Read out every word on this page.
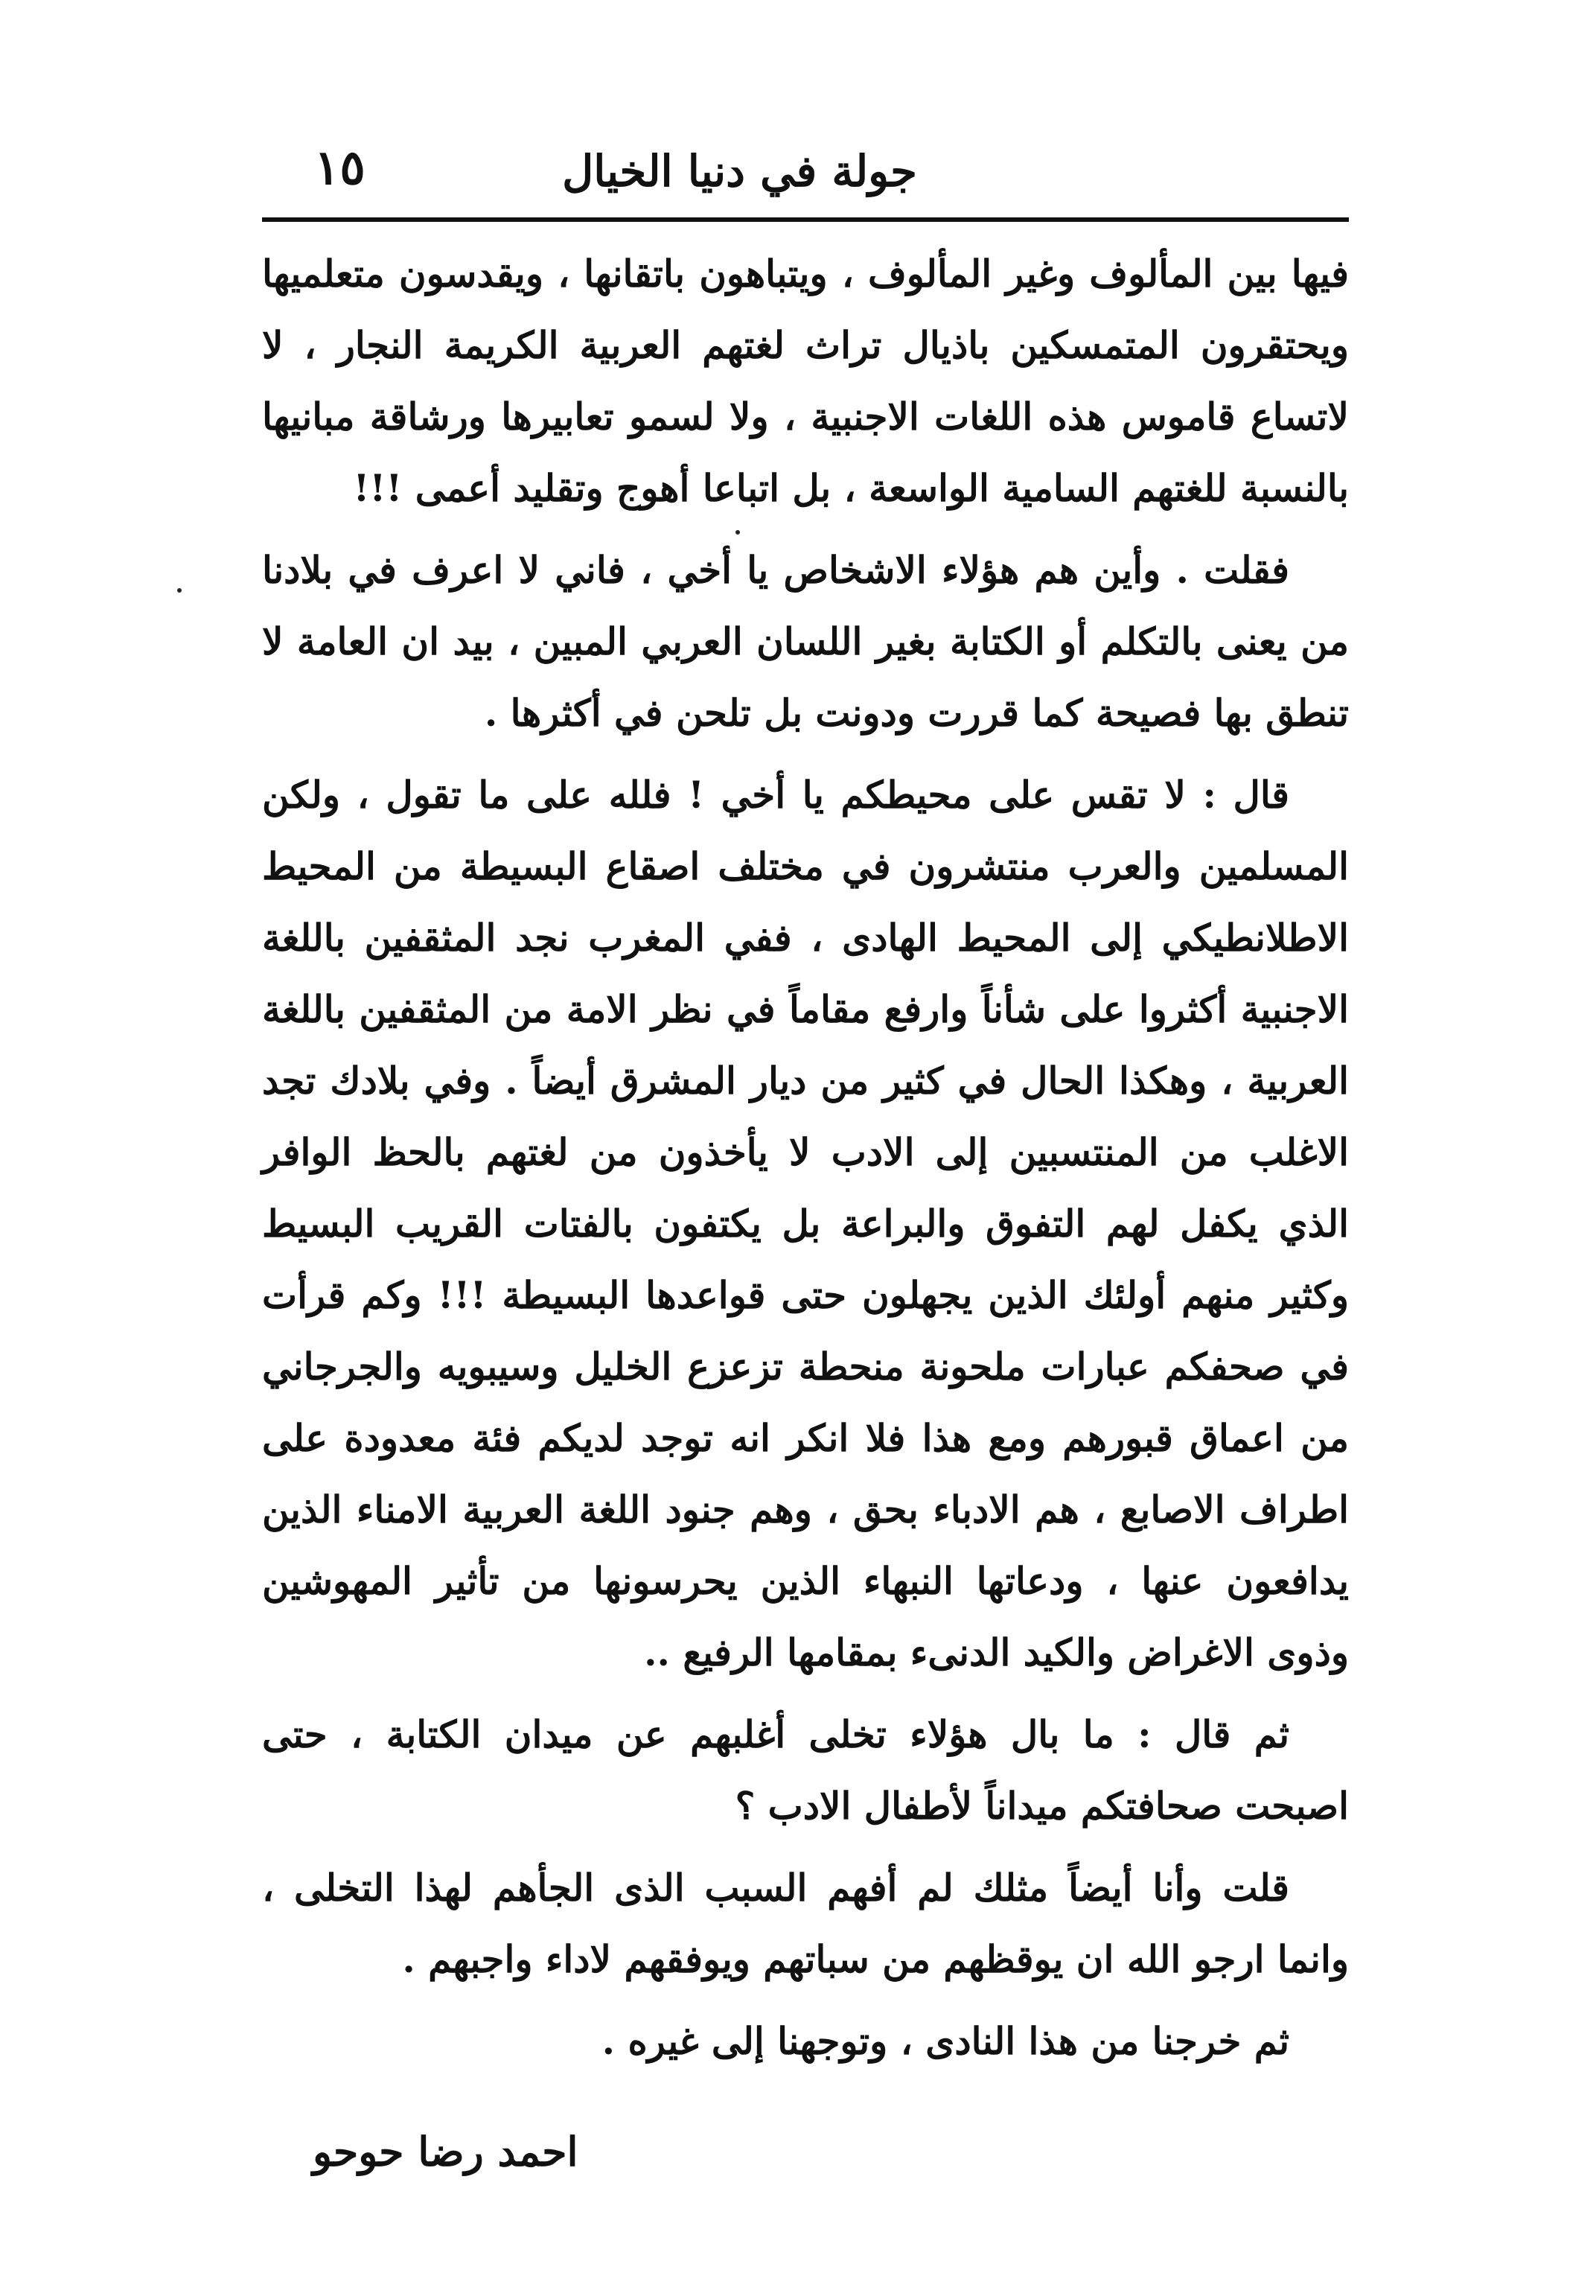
جولة في دنيا الخيال
١٥

فيها بين المألوف وغير المألوف ، ويتباهون باتقانها ، ويقدسون متعلميها ويحتقرون المتمسكين باذيال تراث لغتهم العربية الكريمة النجار ، لا لاتساع قاموس هذه اللغات الاجنبية ، ولا لسمو تعابيرها ورشاقة مبانيها بالنسبة للغتهم السامية الواسعة ، بل اتباعا أهوج وتقليد أعمى !!!

فقلت . وأين هم هؤلاء الاشخاص يا أخي ، فاني لا اعرف في بلادنا من يعنى بالتكلم أو الكتابة بغير اللسان العربي المبين ، بيد ان العامة لا تنطق بها فصيحة كما قررت ودونت بل تلحن في أكثرها .

قال : لا تقس على محيطكم يا أخي ! فلله على ما تقول ، ولكن المسلمين والعرب منتشرون في مختلف اصقاع البسيطة من المحيط الاطلانطيكي إلى المحيط الهادى ، ففي المغرب نجد المثقفين باللغة الاجنبية أكثروا على شأناً وارفع مقاماً في نظر الامة من المثقفين باللغة العربية ، وهكذا الحال في كثير من ديار المشرق أيضاً . وفي بلادك تجد الاغلب من المنتسبين إلى الادب لا يأخذون من لغتهم بالحظ الوافر الذي يكفل لهم التفوق والبراعة بل يكتفون بالفتات القريب البسيط وكثير منهم أولئك الذين يجهلون حتى قواعدها البسيطة !!! وكم قرأت في صحفكم عبارات ملحونة منحطة تزعزع الخليل وسيبويه والجرجاني من اعماق قبورهم ومع هذا فلا انكر انه توجد لديكم فئة معدودة على اطراف الاصابع ، هم الادباء بحق ، وهم جنود اللغة العربية الامناء الذين يدافعون عنها ، ودعاتها النبهاء الذين يحرسونها من تأثير المهوشين وذوى الاغراض والكيد الدنىء بمقامها الرفيع ..

ثم قال : ما بال هؤلاء تخلى أغلبهم عن ميدان الكتابة ، حتى اصبحت صحافتكم ميداناً لأطفال الادب ؟

قلت وأنا أيضاً مثلك لم أفهم السبب الذى الجأهم لهذا التخلى ، وانما ارجو الله ان يوقظهم من سباتهم ويوفقهم لاداء واجبهم .

ثم خرجنا من هذا النادى ، وتوجهنا إلى غيره .

احمد رضا حوحو
